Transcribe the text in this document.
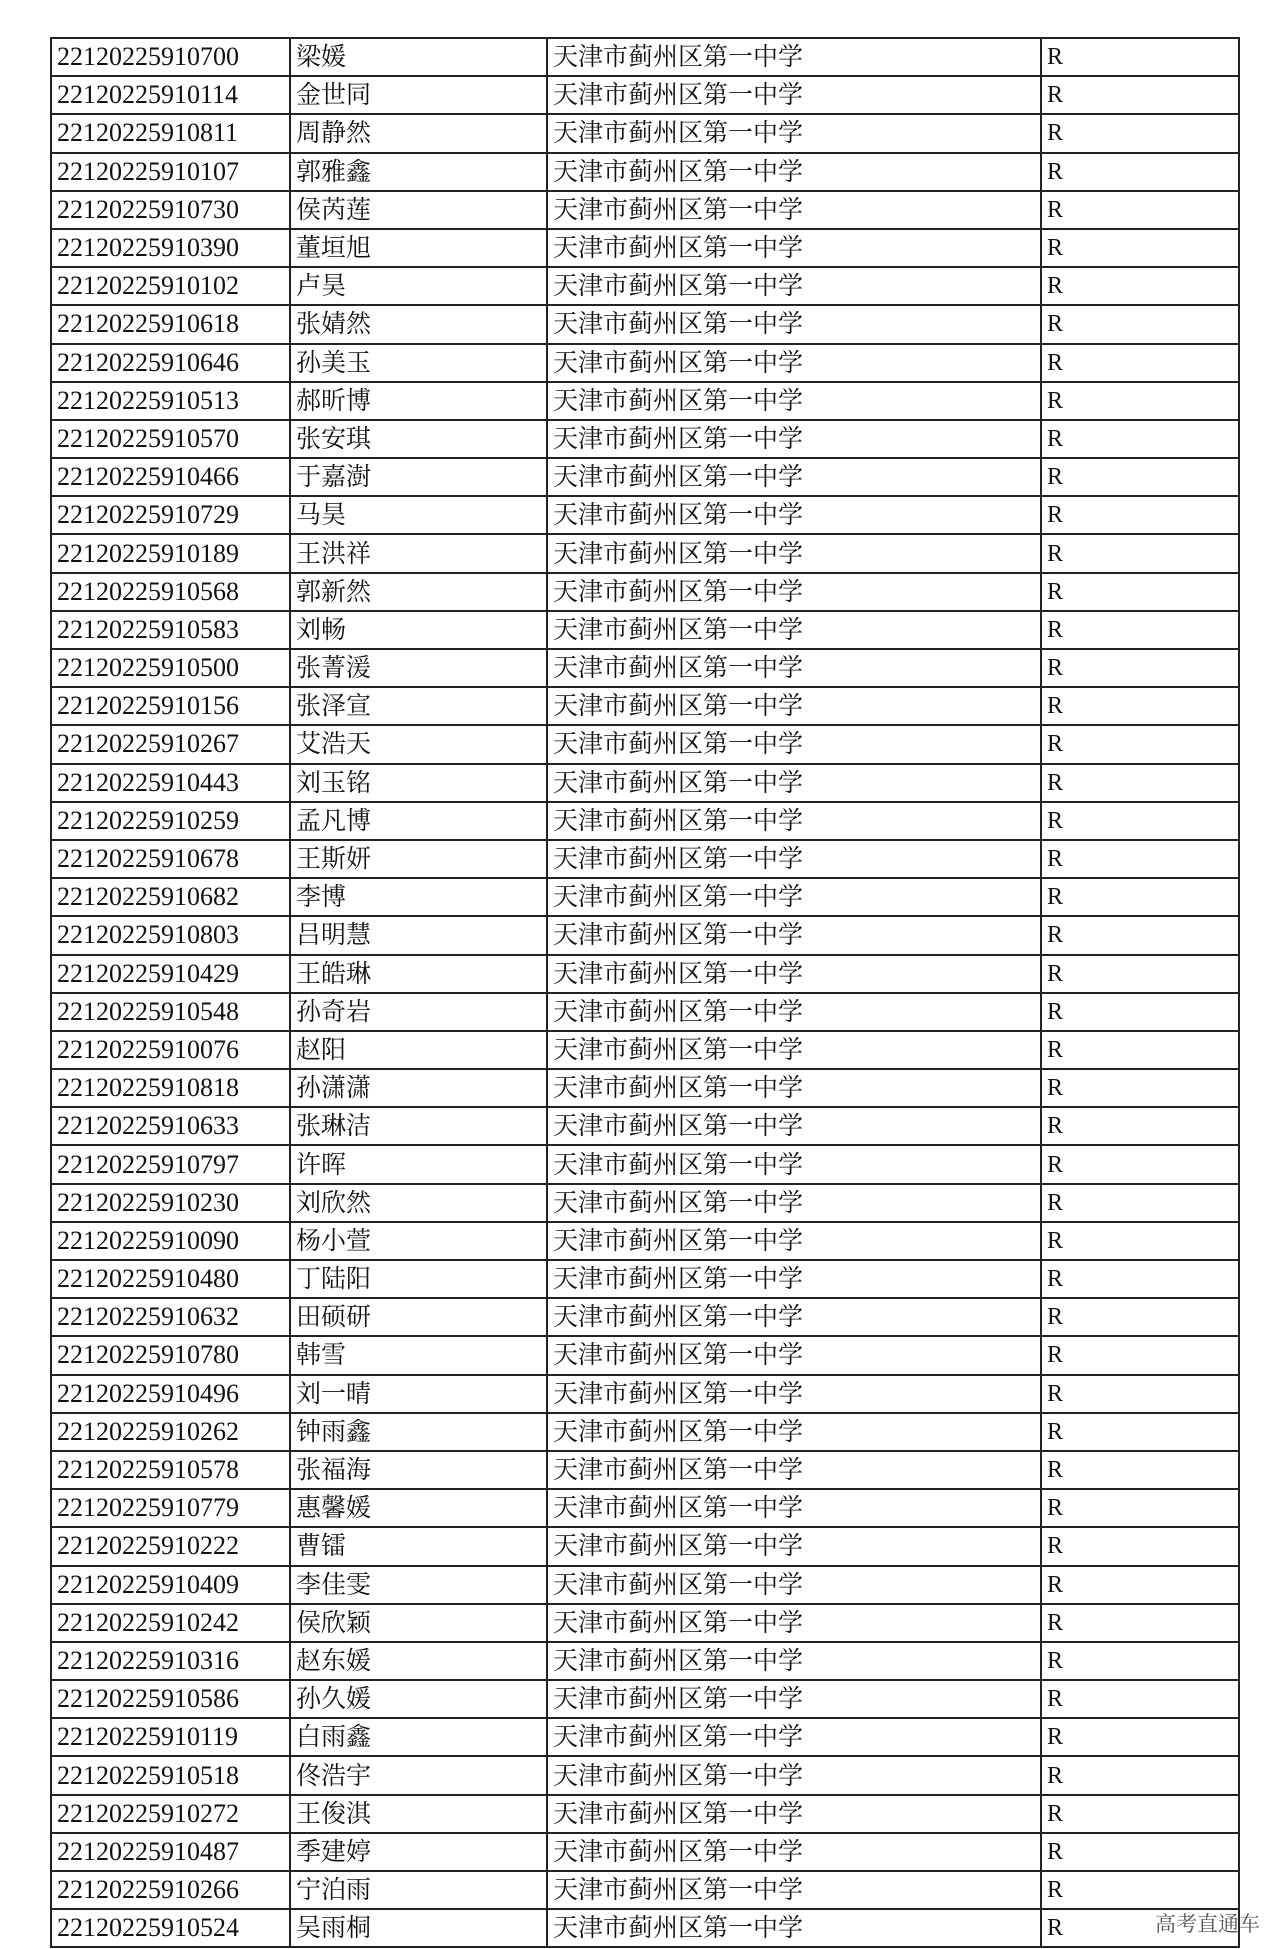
22120225910700	梁媛	天津市蓟州区第一中学	R
22120225910114	金世同	天津市蓟州区第一中学	R
22120225910811	周静然	天津市蓟州区第一中学	R
22120225910107	郭雅鑫	天津市蓟州区第一中学	R
22120225910730	侯芮莲	天津市蓟州区第一中学	R
22120225910390	董垣旭	天津市蓟州区第一中学	R
22120225910102	卢昊	天津市蓟州区第一中学	R
22120225910618	张婧然	天津市蓟州区第一中学	R
22120225910646	孙美玉	天津市蓟州区第一中学	R
22120225910513	郝昕博	天津市蓟州区第一中学	R
22120225910570	张安琪	天津市蓟州区第一中学	R
22120225910466	于嘉澍	天津市蓟州区第一中学	R
22120225910729	马昊	天津市蓟州区第一中学	R
22120225910189	王洪祥	天津市蓟州区第一中学	R
22120225910568	郭新然	天津市蓟州区第一中学	R
22120225910583	刘畅	天津市蓟州区第一中学	R
22120225910500	张菁湲	天津市蓟州区第一中学	R
22120225910156	张泽宣	天津市蓟州区第一中学	R
22120225910267	艾浩天	天津市蓟州区第一中学	R
22120225910443	刘玉铭	天津市蓟州区第一中学	R
22120225910259	孟凡博	天津市蓟州区第一中学	R
22120225910678	王斯妍	天津市蓟州区第一中学	R
22120225910682	李博	天津市蓟州区第一中学	R
22120225910803	吕明慧	天津市蓟州区第一中学	R
22120225910429	王皓琳	天津市蓟州区第一中学	R
22120225910548	孙奇岩	天津市蓟州区第一中学	R
22120225910076	赵阳	天津市蓟州区第一中学	R
22120225910818	孙潇潇	天津市蓟州区第一中学	R
22120225910633	张琳洁	天津市蓟州区第一中学	R
22120225910797	许晖	天津市蓟州区第一中学	R
22120225910230	刘欣然	天津市蓟州区第一中学	R
22120225910090	杨小萱	天津市蓟州区第一中学	R
22120225910480	丁陆阳	天津市蓟州区第一中学	R
22120225910632	田硕研	天津市蓟州区第一中学	R
22120225910780	韩雪	天津市蓟州区第一中学	R
22120225910496	刘一晴	天津市蓟州区第一中学	R
22120225910262	钟雨鑫	天津市蓟州区第一中学	R
22120225910578	张福海	天津市蓟州区第一中学	R
22120225910779	惠馨媛	天津市蓟州区第一中学	R
22120225910222	曹镭	天津市蓟州区第一中学	R
22120225910409	李佳雯	天津市蓟州区第一中学	R
22120225910242	侯欣颖	天津市蓟州区第一中学	R
22120225910316	赵东媛	天津市蓟州区第一中学	R
22120225910586	孙久媛	天津市蓟州区第一中学	R
22120225910119	白雨鑫	天津市蓟州区第一中学	R
22120225910518	佟浩宇	天津市蓟州区第一中学	R
22120225910272	王俊淇	天津市蓟州区第一中学	R
22120225910487	季建婷	天津市蓟州区第一中学	R
22120225910266	宁泊雨	天津市蓟州区第一中学	R
22120225910524	吴雨桐	天津市蓟州区第一中学	R	高考直通车
